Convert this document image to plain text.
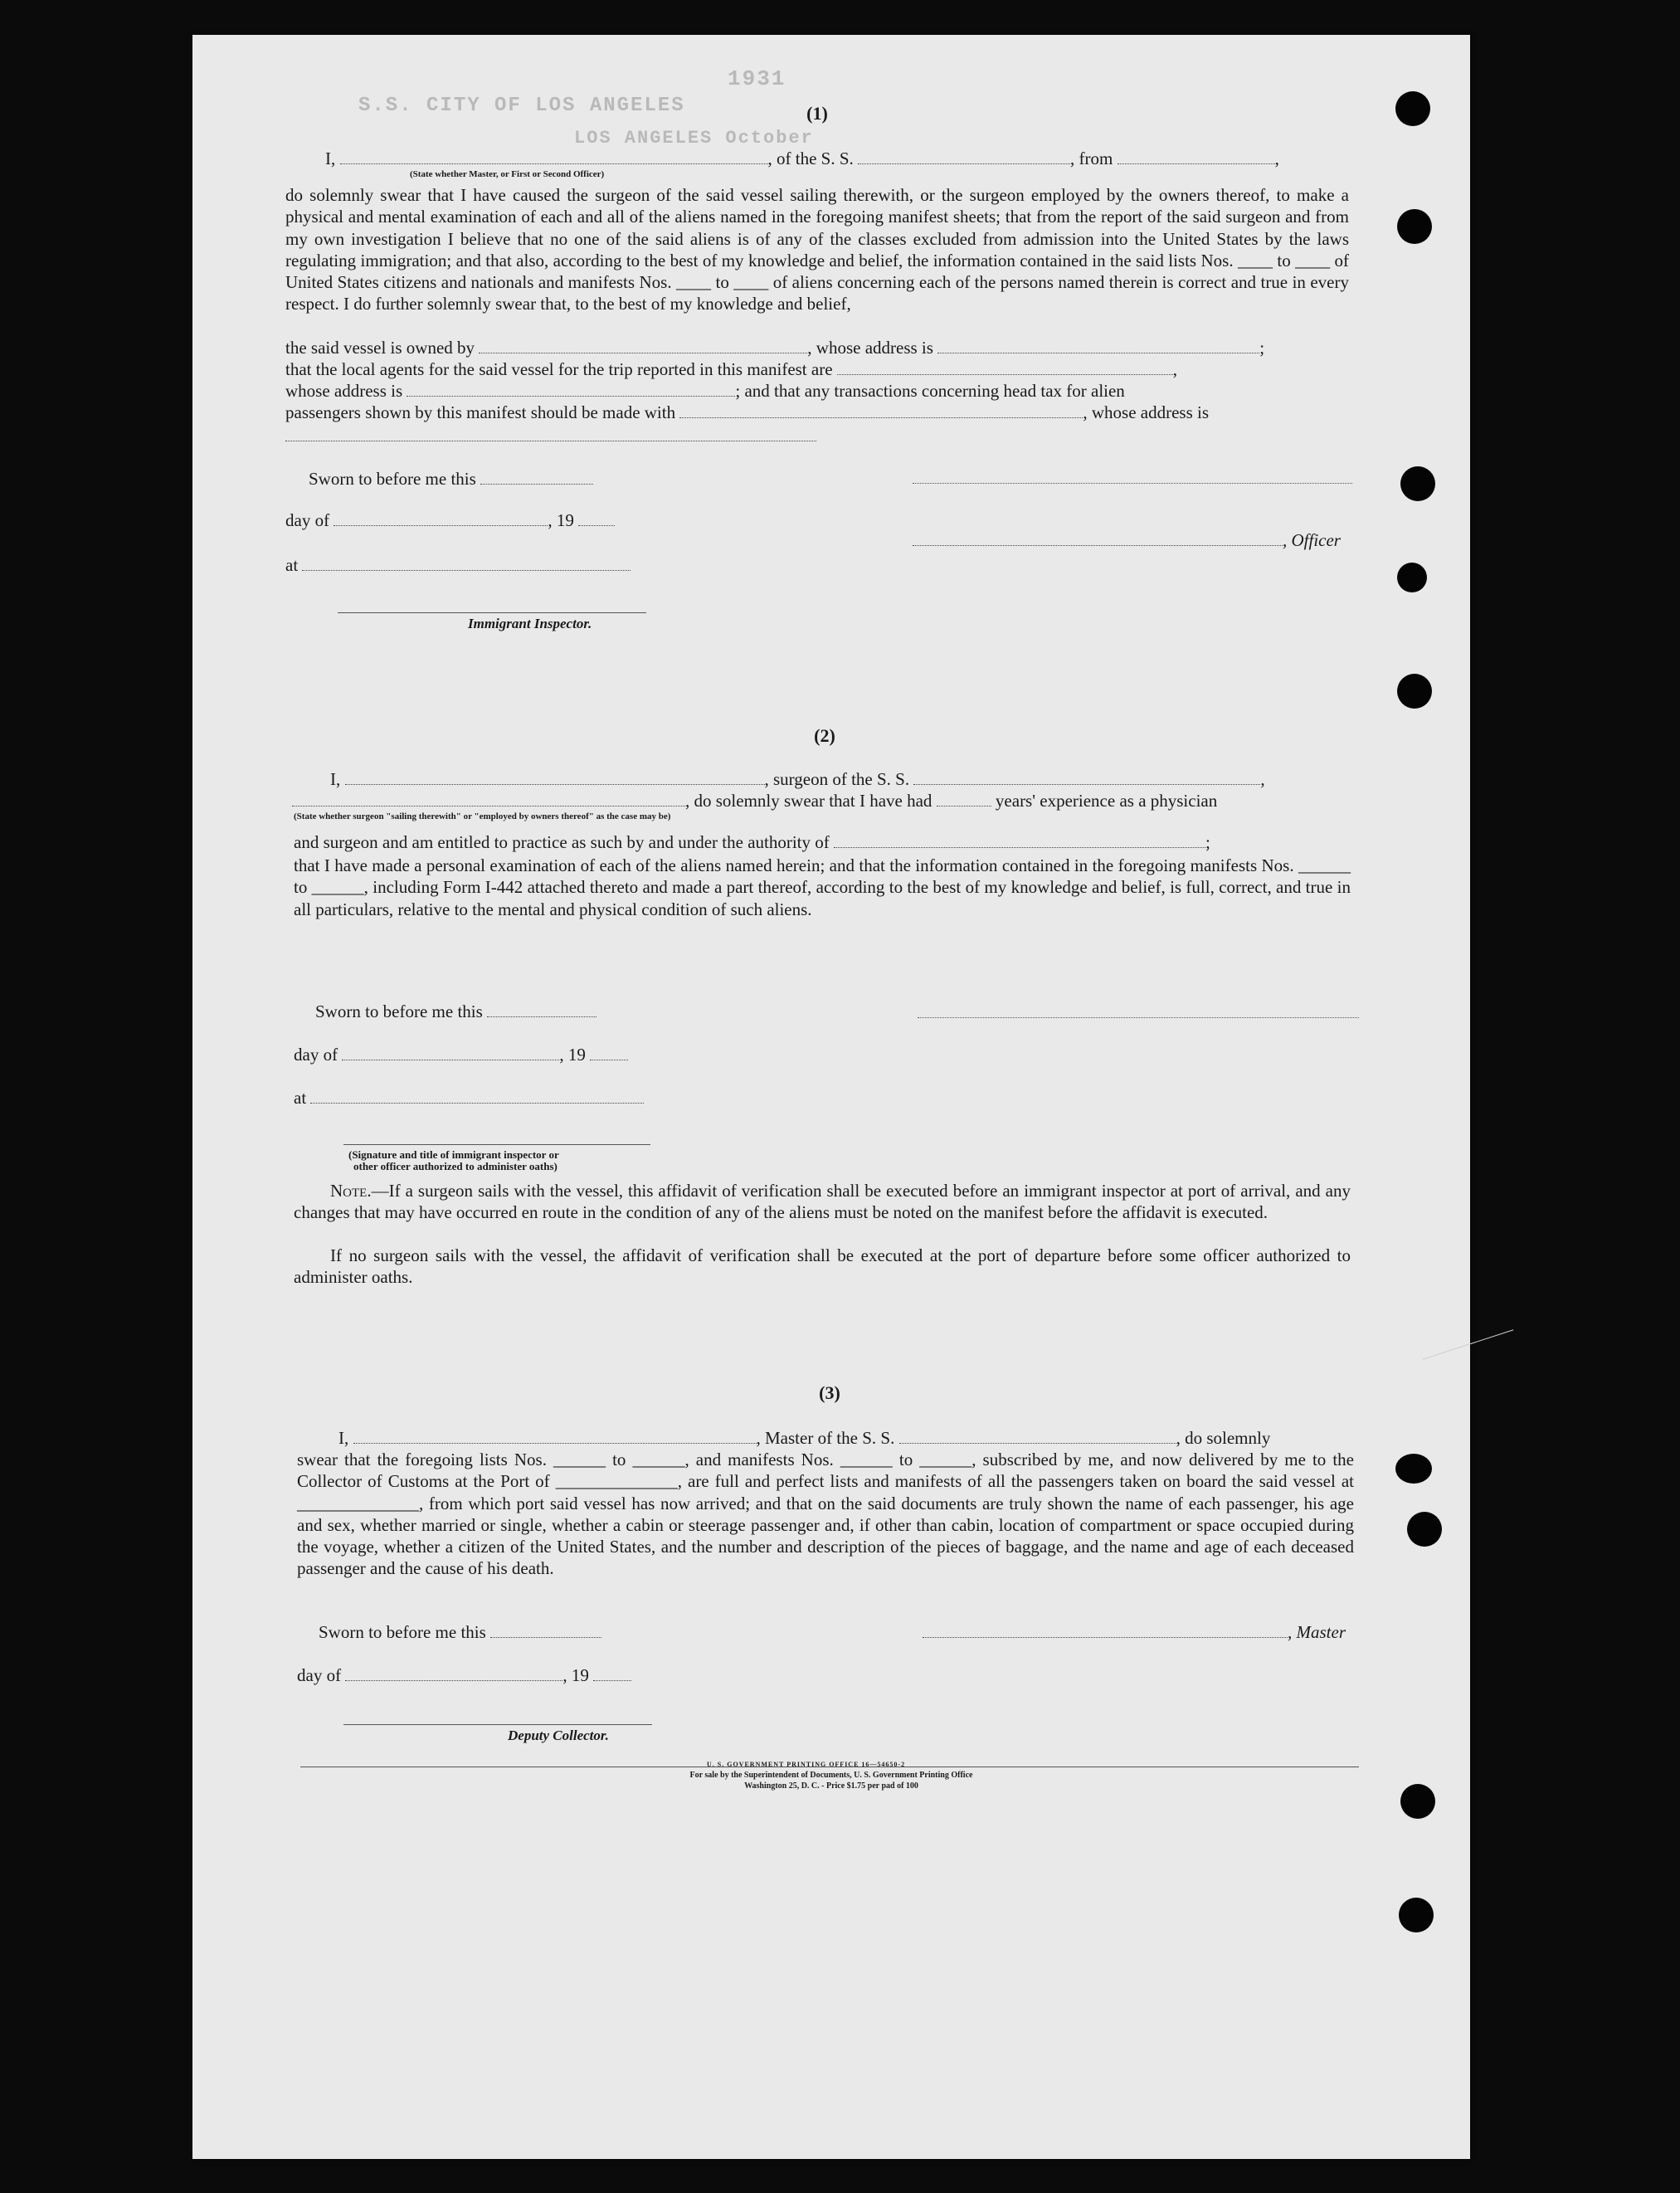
1931
S.S. CITY OF LOS ANGELES
LOS ANGELES October
(1)
I,	, of the S. S.	, from	,
(State whether Master, or First or Second Officer)
do solemnly swear that I have caused the surgeon of the said vessel sailing therewith, or the surgeon employed by the owners thereof, to make a physical and mental examination of each and all of the aliens named in the foregoing manifest sheets; that from the report of the said surgeon and from my own investigation I believe that no one of the said aliens is of any of the classes excluded from admission into the United States by the laws regulating immigration; and that also, according to the best of my knowledge and belief, the information contained in the said lists Nos. ____ to ____ of United States citizens and nationals and manifests Nos. ____ to ____ of aliens concerning each of the persons named therein is correct and true in every respect. I do further solemnly swear that, to the best of my knowledge and belief,
the said vessel is owned by	, whose address is	;
that the local agents for the said vessel for the trip reported in this manifest are	,
whose address is	; and that any transactions concerning head tax for alien
passengers shown by this manifest should be made with	, whose address is
Sworn to before me this
day of	, 19
, Officer
at
Immigrant Inspector.
(2)
I,	, surgeon of the S. S.	,
, do solemnly swear that I have had	years' experience as a physician
(State whether surgeon "sailing therewith" or "employed by owners thereof" as the case may be)
and surgeon and am entitled to practice as such by and under the authority of	;
that I have made a personal examination of each of the aliens named herein; and that the information contained in the foregoing manifests Nos. ______ to ______, including Form I-442 attached thereto and made a part thereof, according to the best of my knowledge and belief, is full, correct, and true in all particulars, relative to the mental and physical condition of such aliens.
Sworn to before me this
day of	, 19
at
(Signature and title of immigrant inspector or
other officer authorized to administer oaths)
Note.—If a surgeon sails with the vessel, this affidavit of verification shall be executed before an immigrant inspector at port of arrival, and any changes that may have occurred en route in the condition of any of the aliens must be noted on the manifest before the affidavit is executed.
If no surgeon sails with the vessel, the affidavit of verification shall be executed at the port of departure before some officer authorized to administer oaths.
(3)
I,	, Master of the S. S.	, do solemnly
swear that the foregoing lists Nos. ______ to ______, and manifests Nos. ______ to ______, subscribed by me, and now delivered by me to the Collector of Customs at the Port of ______________, are full and perfect lists and manifests of all the passengers taken on board the said vessel at ______________, from which port said vessel has now arrived; and that on the said documents are truly shown the name of each passenger, his age and sex, whether married or single, whether a cabin or steerage passenger and, if other than cabin, location of compartment or space occupied during the voyage, whether a citizen of the United States, and the number and description of the pieces of baggage, and the name and age of each deceased passenger and the cause of his death.
Sworn to before me this	, Master
day of	, 19
Deputy Collector.
U. S. GOVERNMENT PRINTING OFFICE 16—54650-2
For sale by the Superintendent of Documents, U. S. Government Printing Office
Washington 25, D. C. - Price $1.75 per pad of 100
